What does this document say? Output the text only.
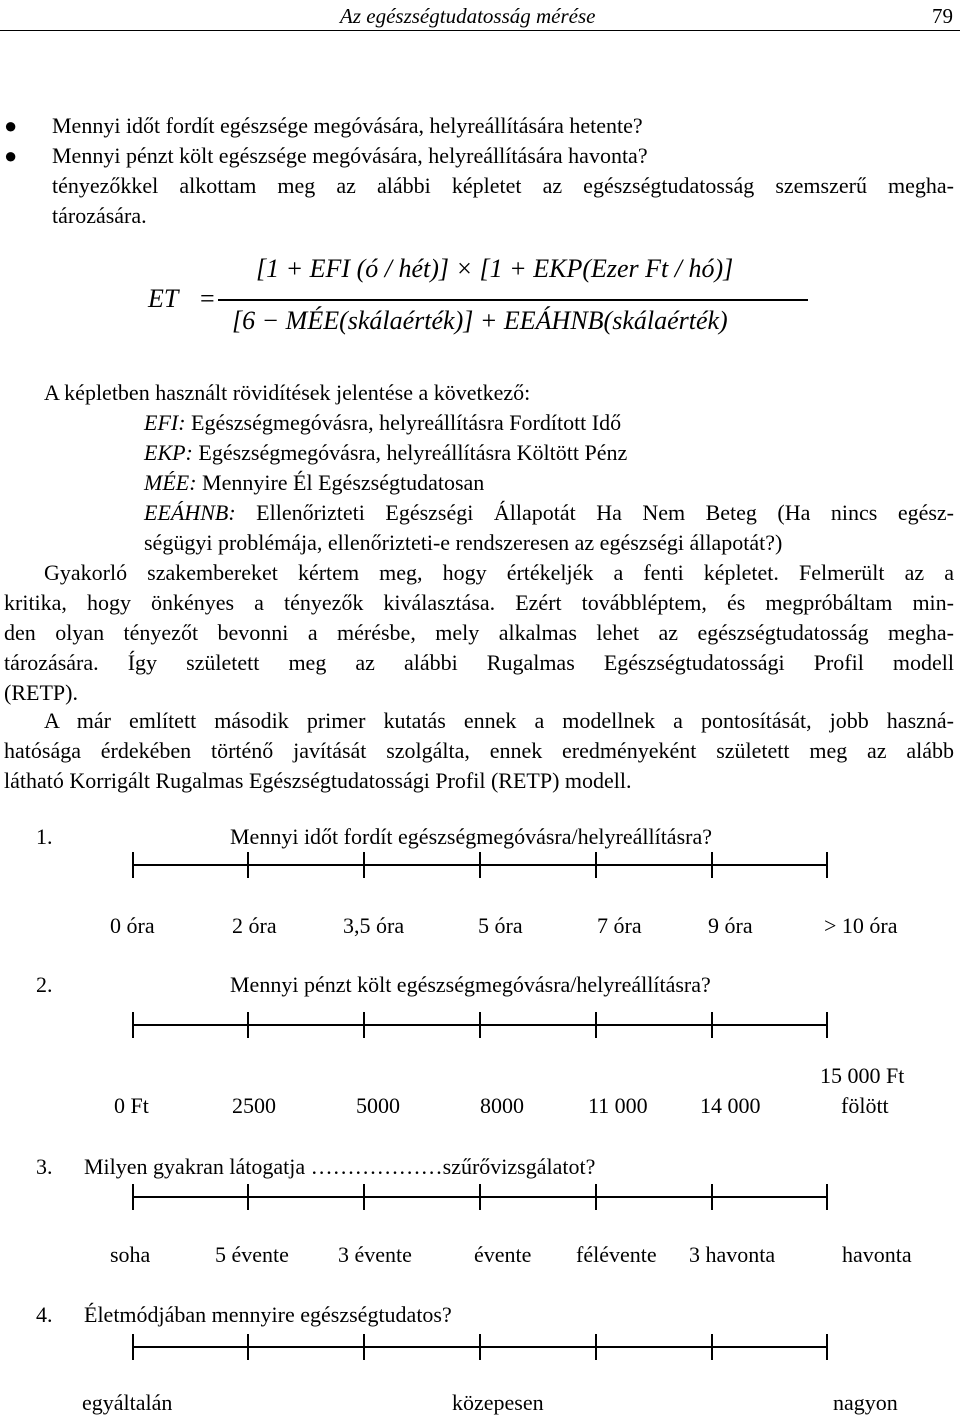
Az egészségtudatosság mérése	79
● Mennyi időt fordít egészsége megóvására, helyreállítására hetente?
● Mennyi pénzt költ egészsége megóvására, helyreállítására havonta?
tényezőkkel alkottam meg az alábbi képletet az egészségtudatosság szemszerű megha-
tározására.
ET =
[1 + EFI (ó / hét)] × [1 + EKP(Ezer Ft / hó)]
[6 − MÉE(skálaérték)] + EEÁHNB(skálaérték)
A képletben használt rövidítések jelentése a következő:
EFI: Egészségmegóvásra, helyreállításra Fordított Idő
EKP: Egészségmegóvásra, helyreállításra Költött Pénz
MÉE: Mennyire Él Egészségtudatosan
EEÁHNB: Ellenőrizteti Egészségi Állapotát Ha Nem Beteg (Ha nincs egész-
ségügyi problémája, ellenőrizteti-e rendszeresen az egészségi állapotát?)
Gyakorló szakembereket kértem meg, hogy értékeljék a fenti képletet. Felmerült az a
kritika, hogy önkényes a tényezők kiválasztása. Ezért továbbléptem, és megpróbáltam min-
den olyan tényezőt bevonni a mérésbe, mely alkalmas lehet az egészségtudatosság megha-
tározására. Így született meg az alábbi Rugalmas Egészségtudatossági Profil modell
(RETP).
A már említett második primer kutatás ennek a modellnek a pontosítását, jobb haszná-
hatósága érdekében történő javítását szolgálta, ennek eredményeként született meg az alább
látható Korrigált Rugalmas Egészségtudatossági Profil (RETP) modell.
1.	Mennyi időt fordít egészségmegóvásra/helyreállításra?
0 óra	2 óra	3,5 óra	5 óra	7 óra	9 óra	> 10 óra
2.	Mennyi pénzt költ egészségmegóvásra/helyreállításra?
0 Ft	2500	5000	8000	11 000 14 000
15 000 Ft
fölött
3. Milyen gyakran látogatja ………………szűrővizsgálatot?
soha	5 évente 3 évente	évente félévente 3 havonta	havonta
4. Életmódjában mennyire egészségtudatos?
egyáltalán	közepesen	nagyon
